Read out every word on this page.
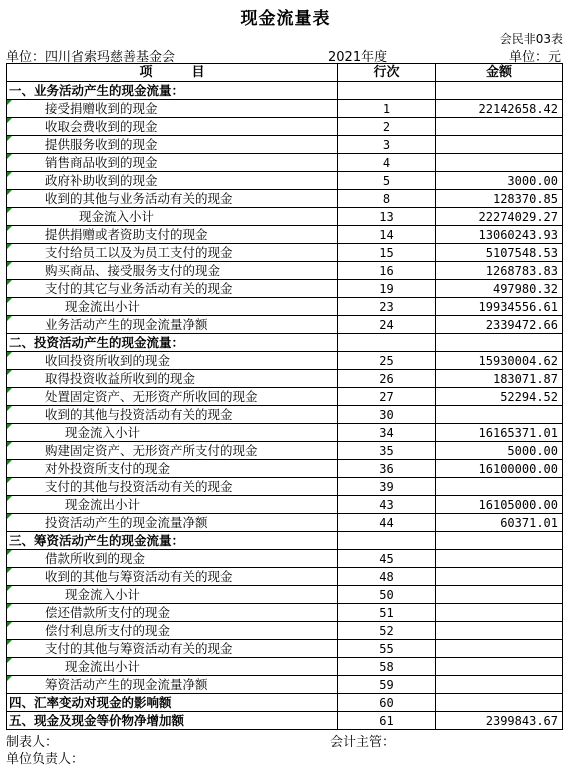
现金流量表
会民非03表
单位：四川省索玛慈善基金会	2021年度	单位：元
项　　　目	行次	金额
一、业务活动产生的现金流量：		

接受捐赠收到的现金	1	22142658.42

收取会费收到的现金	2	

提供服务收到的现金	3	

销售商品收到的现金	4	

政府补助收到的现金	5	3000.00

收到的其他与业务活动有关的现金	8	128370.85

现金流入小计	13	22274029.27

提供捐赠或者资助支付的现金	14	13060243.93

支付给员工以及为员工支付的现金	15	5107548.53

购买商品、接受服务支付的现金	16	1268783.83

支付的其它与业务活动有关的现金	19	497980.32

现金流出小计	23	19934556.61

业务活动产生的现金流量净额	24	2339472.66
二、投资活动产生的现金流量：		

收回投资所收到的现金	25	15930004.62

取得投资收益所收到的现金	26	183071.87

处置固定资产、无形资产所收回的现金	27	52294.52

收到的其他与投资活动有关的现金	30	

现金流入小计	34	16165371.01

购建固定资产、无形资产所支付的现金	35	5000.00

对外投资所支付的现金	36	16100000.00

支付的其他与投资活动有关的现金	39	

现金流出小计	43	16105000.00

投资活动产生的现金流量净额	44	60371.01
三、筹资活动产生的现金流量：		

借款所收到的现金	45	

收到的其他与筹资活动有关的现金	48	

现金流入小计	50	

偿还借款所支付的现金	51	

偿付利息所支付的现金	52	

支付的其他与筹资活动有关的现金	55	

现金流出小计	58	

筹资活动产生的现金流量净额	59	
四、汇率变动对现金的影响额	60	
五、现金及现金等价物净增加额	61	2399843.67
制表人：	会计主管：
单位负责人：
